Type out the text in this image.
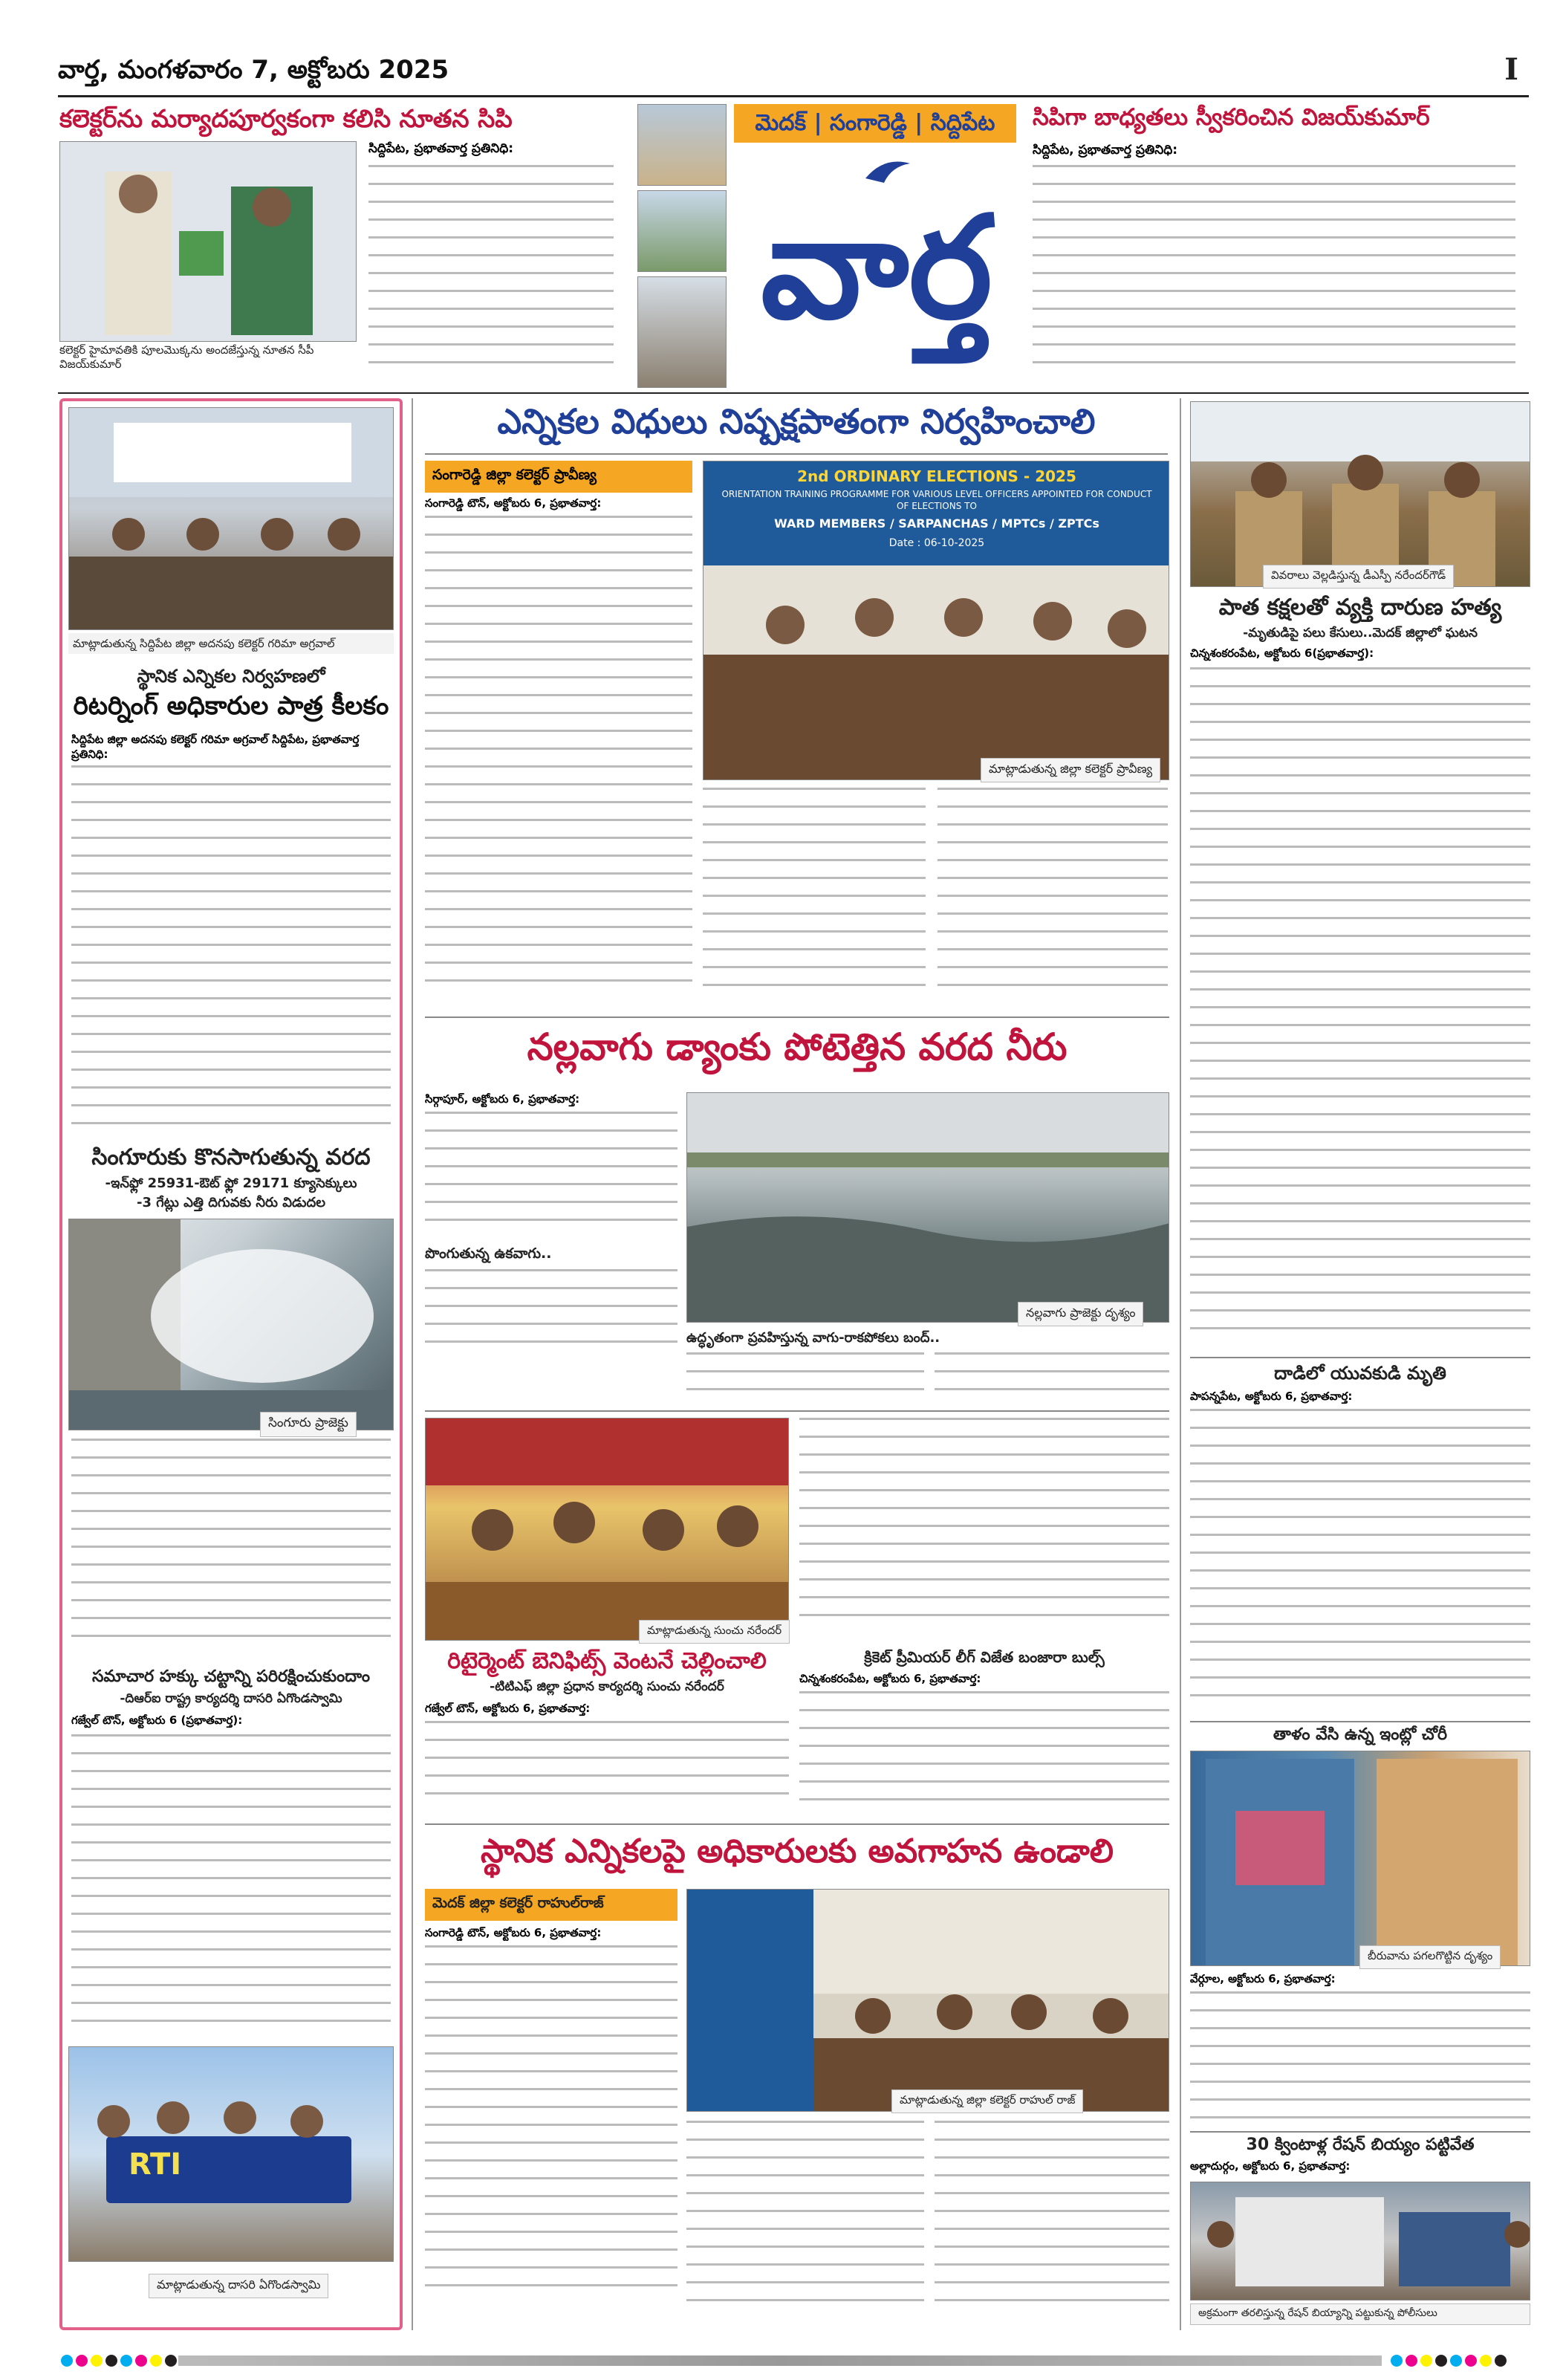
వార్త, మంగళవారం 7, అక్టోబరు 2025	I
కలెక్టర్‌ను మర్యాదపూర్వకంగా కలిసి నూతన సిపి
కలెక్టర్ హైమావతికి పూలమొక్కను అందజేస్తున్న నూతన సీపీ విజయ్‌కుమార్
సిద్దిపేట, ప్రభాతవార్త ప్రతినిధి:
మెదక్ | సంగారెడ్డి | సిద్దిపేట
వార్త
సిపిగా బాధ్యతలు స్వీకరించిన విజయ్‌కుమార్
సిద్దిపేట, ప్రభాతవార్త ప్రతినిధి:
మాట్లాడుతున్న సిద్దిపేట జిల్లా అదనపు కలెక్టర్ గరిమా అగ్రవాల్
స్థానిక ఎన్నికల నిర్వహణలో
రిటర్నింగ్ అధికారుల పాత్ర కీలకం
సిద్దిపేట జిల్లా అదనపు కలెక్టర్ గరిమా అగ్రవాల్ సిద్దిపేట, ప్రభాతవార్త ప్రతినిధి:
సింగూరుకు కొనసాగుతున్న వరద
-ఇన్‌ఫ్లో 25931-ఔట్ ఫ్లో 29171 క్యూసెక్కులు
-3 గేట్లు ఎత్తి దిగువకు నీరు విడుదల
సింగూరు ప్రాజెక్టు
సమాచార హక్కు చట్టాన్ని పరిరక్షించుకుందాం
-దిఆర్‌ఐ రాష్ట్ర కార్యదర్శి దాసరి ఏగొండస్వామి
గజ్వేల్ టౌన్, అక్టోబరు 6 (ప్రభాతవార్త):
RTI
మాట్లాడుతున్న దాసరి ఏగొండస్వామి
ఎన్నికల విధులు నిష్పక్షపాతంగా నిర్వహించాలి
సంగారెడ్డి జిల్లా కలెక్టర్ ప్రావీణ్య
సంగారెడ్డి టౌన్, అక్టోబరు 6, ప్రభాతవార్త:
2nd ORDINARY ELECTIONS - 2025
ORIENTATION TRAINING PROGRAMME FOR VARIOUS LEVEL OFFICERS APPOINTED FOR CONDUCT OF ELECTIONS TO
WARD MEMBERS / SARPANCHAS / MPTCs / ZPTCs
Date : 06-10-2025
మాట్లాడుతున్న జిల్లా కలెక్టర్ ప్రావీణ్య
నల్లవాగు డ్యాంకు పోటెత్తిన వరద నీరు
సిర్గాపూర్, అక్టోబరు 6, ప్రభాతవార్త:
పొంగుతున్న ఉకవాగు..
నల్లవాగు ప్రాజెక్టు దృశ్యం
ఉద్ధృతంగా ప్రవహిస్తున్న వాగు-రాకపోకలు బంద్..
మాట్లాడుతున్న సుంచు నరేందర్
రిటైర్మెంట్ బెనిఫిట్స్ వెంటనే చెల్లించాలి
-టిటిఎఫ్ జిల్లా ప్రధాన కార్యదర్శి సుంచు నరేందర్
గజ్వేల్ టౌన్, అక్టోబరు 6, ప్రభాతవార్త:
క్రికెట్ ప్రీమియర్ లీగ్ విజేత బంజారా బుల్స్
చిన్నశంకరంపేట, అక్టోబరు 6, ప్రభాతవార్త:
స్థానిక ఎన్నికలపై అధికారులకు అవగాహన ఉండాలి
మెదక్ జిల్లా కలెక్టర్ రాహుల్‌రాజ్
సంగారెడ్డి టౌన్, అక్టోబరు 6, ప్రభాతవార్త:
మాట్లాడుతున్న జిల్లా కలెక్టర్ రాహుల్ రాజ్
వివరాలు వెల్లడిస్తున్న డీఎస్పీ నరేందర్‌గౌడ్
పాత కక్షలతో వ్యక్తి దారుణ హత్య
-మృతుడిపై పలు కేసులు..మెదక్ జిల్లాలో ఘటన
చిన్నశంకరంపేట, అక్టోబరు 6(ప్రభాతవార్త):
దాడిలో యువకుడి మృతి
పాపన్నపేట, అక్టోబరు 6, ప్రభాతవార్త:
తాళం వేసి ఉన్న ఇంట్లో చోరీ
బీరువాను పగలగొట్టిన దృశ్యం
వేర్గూల, అక్టోబరు 6, ప్రభాతవార్త:
30 క్వింటాళ్ల రేషన్ బియ్యం పట్టివేత
అల్లాదుర్గం, అక్టోబరు 6, ప్రభాతవార్త:
అక్రమంగా తరలిస్తున్న రేషన్ బియ్యాన్ని పట్టుకున్న పోలీసులు
